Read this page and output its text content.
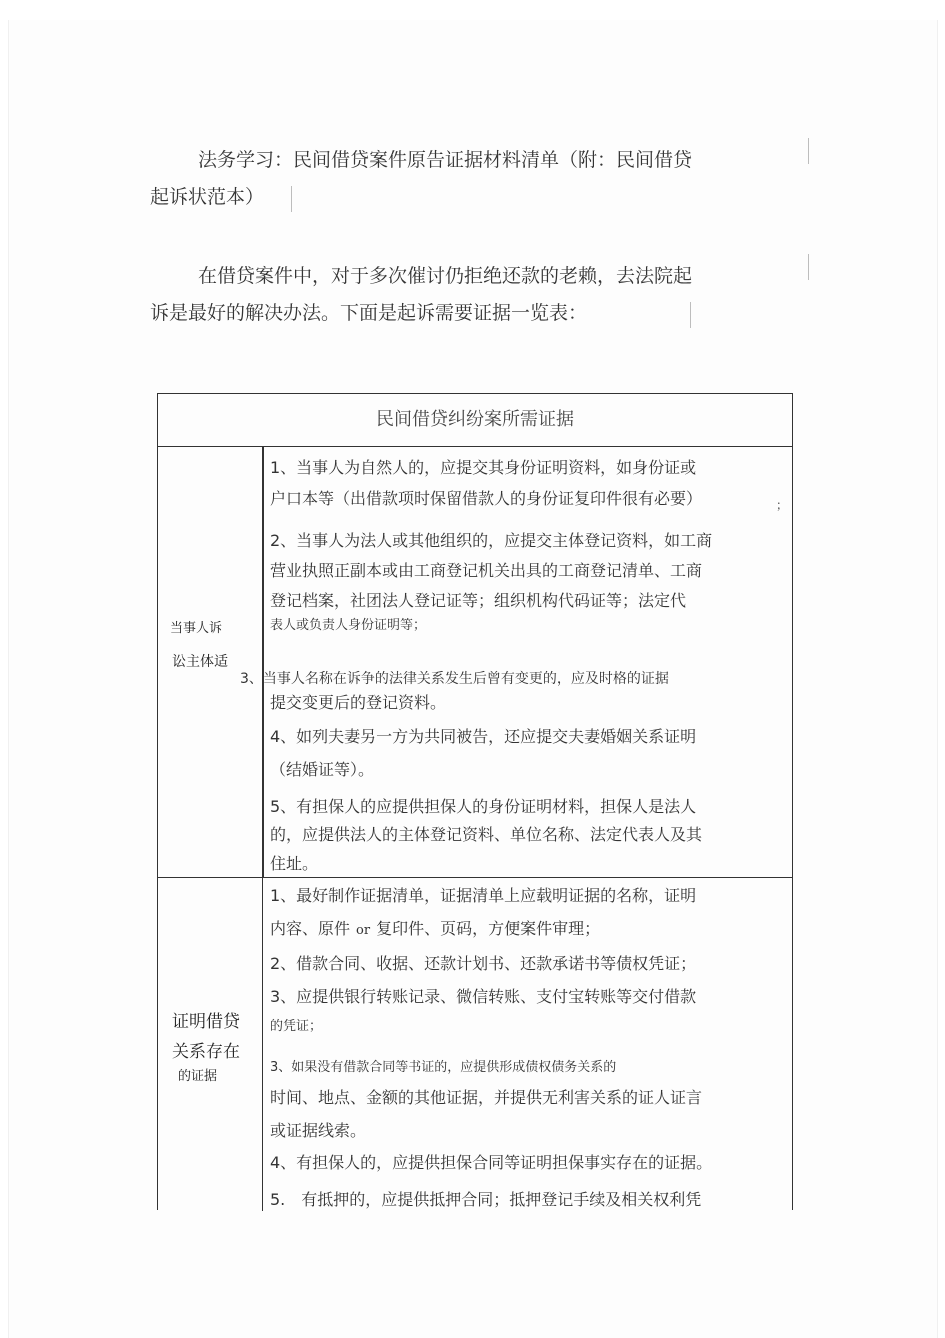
法务学习：民间借贷案件原告证据材料清单（附：民间借贷
起诉状范本）
在借贷案件中，对于多次催讨仍拒绝还款的老赖，去法院起
诉是最好的解决办法。下面是起诉需要证据一览表：
民间借贷纠纷案所需证据
当事人诉
讼主体适
1、当事人为自然人的，应提交其身份证明资料，如身份证或
户口本等（出借款项时保留借款人的身份证复印件很有必要）
2、当事人为法人或其他组织的，应提交主体登记资料，如工商
营业执照正副本或由工商登记机关出具的工商登记清单、工商
登记档案，社团法人登记证等；组织机构代码证等；法定代
表人或负责人身份证明等；
3、当事人名称在诉争的法律关系发生后曾有变更的，应及时格的证据
提交变更后的登记资料。
4、如列夫妻另一方为共同被告，还应提交夫妻婚姻关系证明
（结婚证等）。
5、有担保人的应提供担保人的身份证明材料，担保人是法人
的，应提供法人的主体登记资料、单位名称、法定代表人及其
住址。
证明借贷
关系存在
的证据
1、最好制作证据清单，证据清单上应载明证据的名称，证明
内容、原件 or 复印件、页码，方便案件审理；
2、借款合同、收据、还款计划书、还款承诺书等债权凭证；
3、应提供银行转账记录、微信转账、支付宝转账等交付借款
的凭证；
3、如果没有借款合同等书证的，应提供形成债权债务关系的
时间、地点、金额的其他证据，并提供无利害关系的证人证言
或证据线索。
4、有担保人的，应提供担保合同等证明担保事实存在的证据。
5.　有抵押的，应提供抵押合同；抵押登记手续及相关权利凭
；
